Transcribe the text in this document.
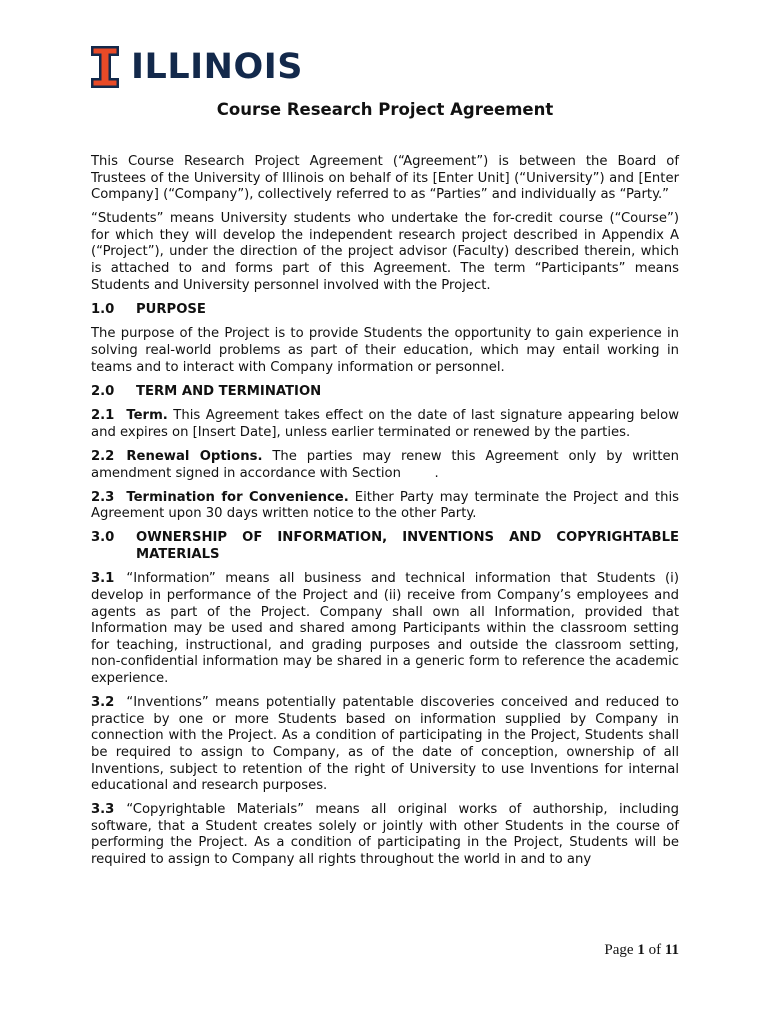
ILLINOIS
Course Research Project Agreement

This Course Research Project Agreement (“Agreement”) is between the Board of Trustees of the University of Illinois on behalf of its [Enter Unit] (“University”) and [Enter Company] (“Company”), collectively referred to as “Parties” and individually as “Party.”

“Students” means University students who undertake the for-credit course (“Course”) for which they will develop the independent research project described in Appendix A (“Project”), under the direction of the project advisor (Faculty) described therein, which is attached to and forms part of this Agreement. The term “Participants” means Students and University personnel involved with the Project.

1.0	PURPOSE

The purpose of the Project is to provide Students the opportunity to gain experience in solving real-world problems as part of their education, which may entail working in teams and to interact with Company information or personnel.

2.0	TERM AND TERMINATION

2.1 Term. This Agreement takes effect on the date of last signature appearing below and expires on [Insert Date], unless earlier terminated or renewed by the parties.

2.2 Renewal Options. The parties may renew this Agreement only by written amendment signed in accordance with Section        .

2.3 Termination for Convenience. Either Party may terminate the Project and this Agreement upon 30 days written notice to the other Party.

3.0	OWNERSHIP OF INFORMATION, INVENTIONS AND COPYRIGHTABLE MATERIALS

3.1 “Information” means all business and technical information that Students (i) develop in performance of the Project and (ii) receive from Company’s employees and agents as part of the Project. Company shall own all Information, provided that Information may be used and shared among Participants within the classroom setting for teaching, instructional, and grading purposes and outside the classroom setting, non-confidential information may be shared in a generic form to reference the academic experience.

3.2 “Inventions” means potentially patentable discoveries conceived and reduced to practice by one or more Students based on information supplied by Company in connection with the Project. As a condition of participating in the Project, Students shall be required to assign to Company, as of the date of conception, ownership of all Inventions, subject to retention of the right of University to use Inventions for internal educational and research purposes.

3.3 “Copyrightable Materials” means all original works of authorship, including software, that a Student creates solely or jointly with other Students in the course of performing the Project. As a condition of participating in the Project, Students will be required to assign to Company all rights throughout the world in and to any

Page 1 of 11
